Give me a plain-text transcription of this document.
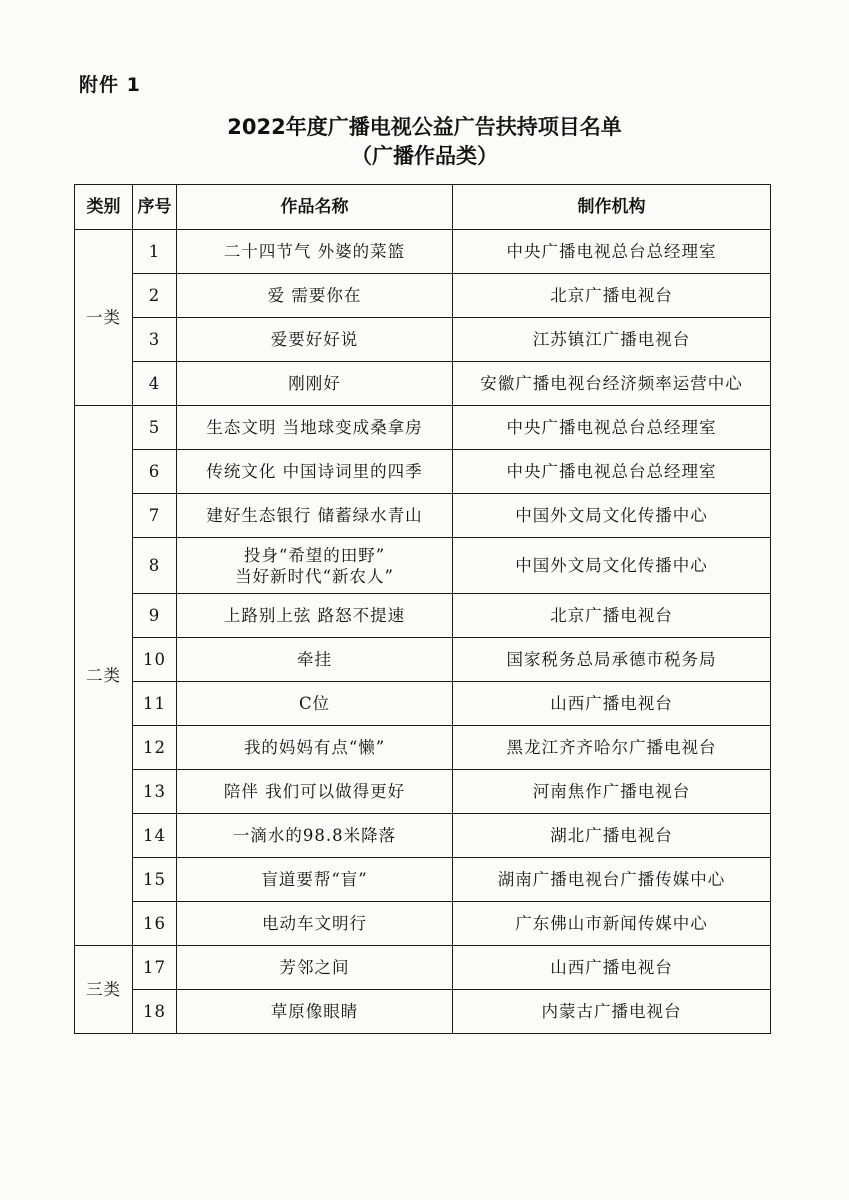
附件 1
2022年度广播电视公益广告扶持项目名单
（广播作品类）
类别	序号	作品名称	制作机构
一类	1	二十四节气 外婆的菜篮	中央广播电视总台总经理室
	2	爱 需要你在	北京广播电视台
	3	爱要好好说	江苏镇江广播电视台
	4	刚刚好	安徽广播电视台经济频率运营中心
二类	5	生态文明 当地球变成桑拿房	中央广播电视总台总经理室
	6	传统文化 中国诗词里的四季	中央广播电视总台总经理室
	7	建好生态银行 储蓄绿水青山	中国外文局文化传播中心
	8	投身“希望的田野”
当好新时代“新农人”	中国外文局文化传播中心
	9	上路别上弦 路怒不提速	北京广播电视台
	10	牵挂	国家税务总局承德市税务局
	11	C位	山西广播电视台
	12	我的妈妈有点“懒”	黑龙江齐齐哈尔广播电视台
	13	陪伴 我们可以做得更好	河南焦作广播电视台
	14	一滴水的98.8米降落	湖北广播电视台
	15	盲道要帮“盲”	湖南广播电视台广播传媒中心
	16	电动车文明行	广东佛山市新闻传媒中心
三类	17	芳邻之间	山西广播电视台
	18	草原像眼睛	内蒙古广播电视台
